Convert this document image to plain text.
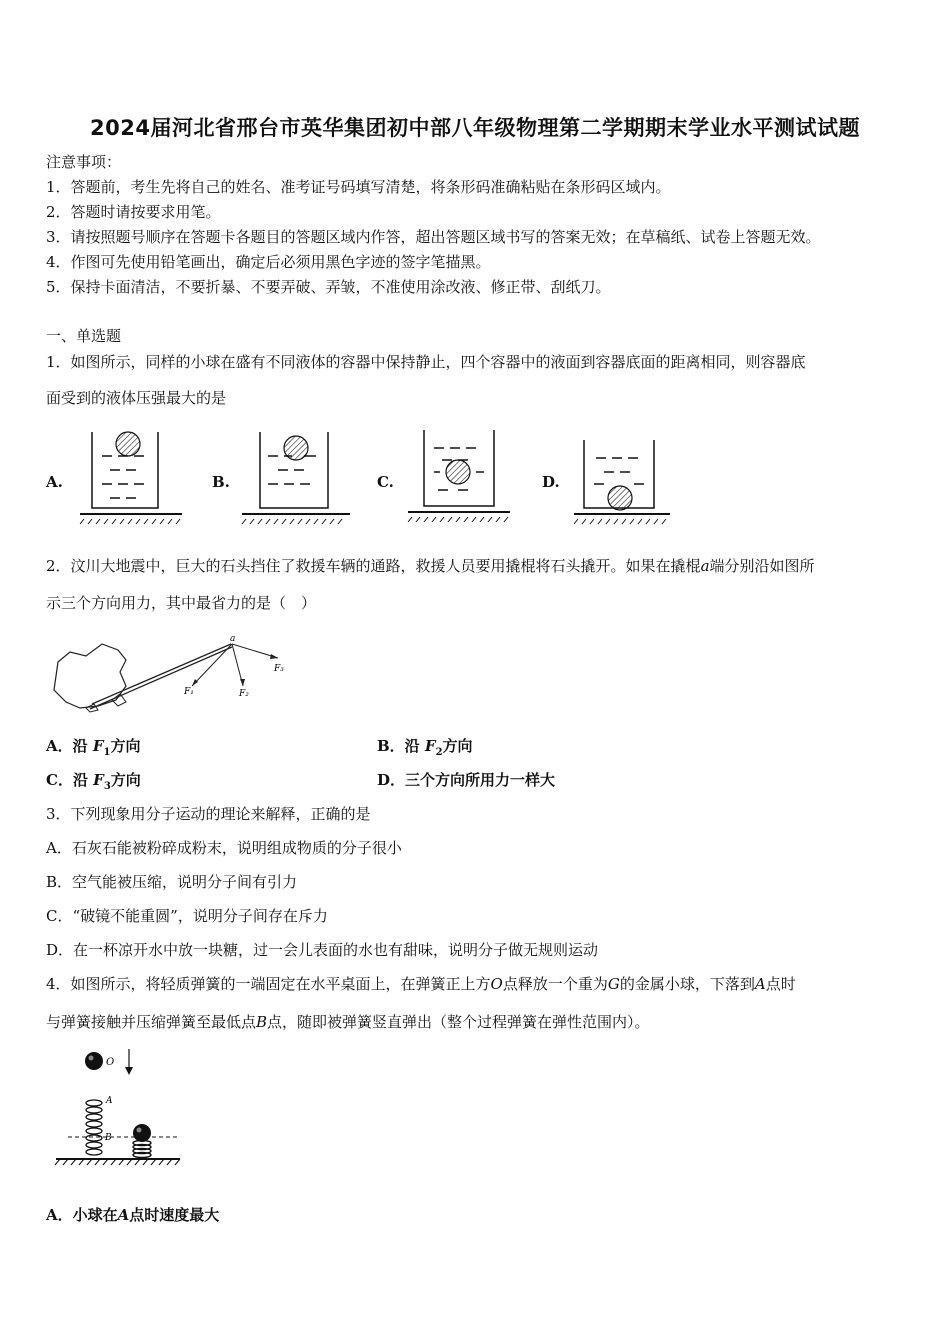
2024届河北省邢台市英华集团初中部八年级物理第二学期期末学业水平测试试题
注意事项：
1．答题前，考生先将自己的姓名、准考证号码填写清楚，将条形码准确粘贴在条形码区域内。
2．答题时请按要求用笔。
3．请按照题号顺序在答题卡各题目的答题区域内作答，超出答题区域书写的答案无效；在草稿纸、试卷上答题无效。
4．作图可先使用铅笔画出，确定后必须用黑色字迹的签字笔描黑。
5．保持卡面清洁，不要折暴、不要弄破、弄皱，不准使用涂改液、修正带、刮纸刀。
一、单选题
1．如图所示，同样的小球在盛有不同液体的容器中保持静止，四个容器中的液面到容器底面的距离相同，则容器底
面受到的液体压强最大的是
A.	B.	C.	D.
2．汶川大地震中，巨大的石头挡住了救援车辆的通路，救援人员要用撬棍将石头撬开。如果在撬棍a端分别沿如图所
示三个方向用力，其中最省力的是（　）
a
F₁	F₂
F₃
A．沿 $F_1$方向	B．沿 $F_2$方向
C．沿 $F_3$方向	D．三个方向所用力一样大
3．下列现象用分子运动的理论来解释，正确的是
A．石灰石能被粉碎成粉末，说明组成物质的分子很小
B．空气能被压缩，说明分子间有引力
C．“破镜不能重圆”，说明分子间存在斥力
D．在一杯凉开水中放一块糖，过一会儿表面的水也有甜味，说明分子做无规则运动
4．如图所示，将轻质弹簧的一端固定在水平桌面上，在弹簧正上方O点释放一个重为G的金属小球，下落到A点时
与弹簧接触并压缩弹簧至最低点B点，随即被弹簧竖直弹出（整个过程弹簧在弹性范围内）。
O
A
B
A．小球在A点时速度最大
